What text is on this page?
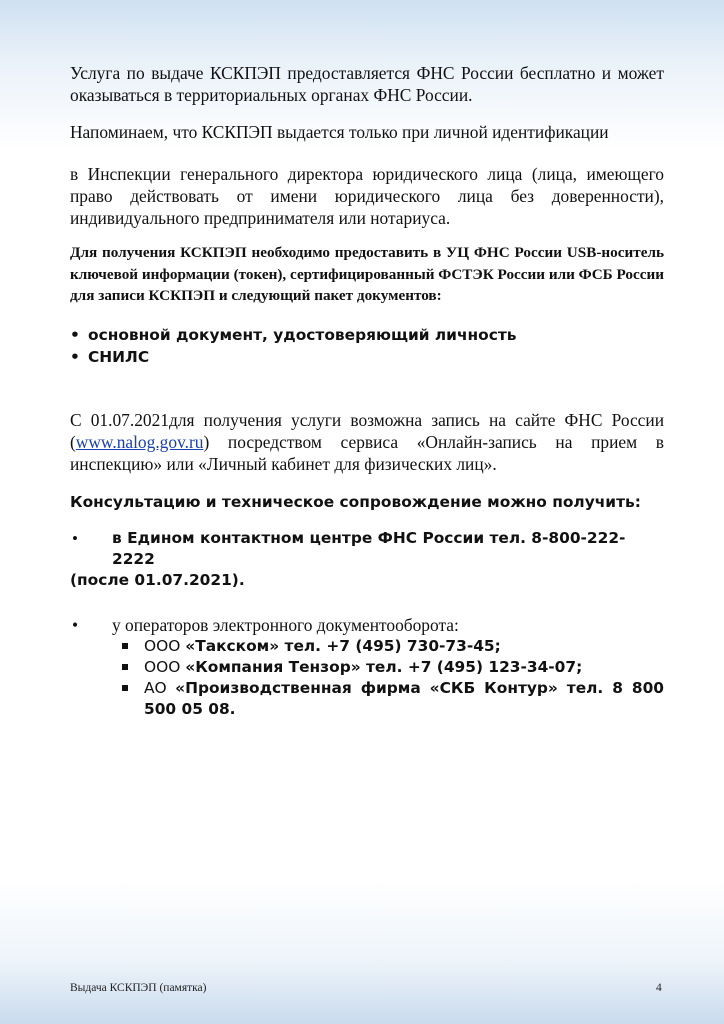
Услуга по выдаче КСКПЭП предоставляется ФНС России бесплатно и может оказываться в территориальных органах ФНС России.

Напоминаем, что КСКПЭП выдается только при личной идентификации

в Инспекции генерального директора юридического лица (лица, имеющего право действовать от имени юридического лица без доверенности), индивидуального предпринимателя или нотариуса.

Для получения КСКПЭП необходимо предоставить в УЦ ФНС России USB-носитель ключевой информации (токен), сертифицированный ФСТЭК России или ФСБ России для записи КСКПЭП и следующий пакет документов:

• основной документ, удостоверяющий личность
• СНИЛС

С 01.07.2021для получения услуги возможна запись на сайте ФНС России (www.nalog.gov.ru) посредством сервиса «Онлайн-запись на прием в инспекцию» или «Личный кабинет для физических лиц».

Консультацию и техническое сопровождение можно получить:

• в Едином контактном центре ФНС России тел. 8-800-222-2222
(после 01.07.2021).
• у операторов электронного документооборота:
ООО «Такском» тел. +7 (495) 730-73-45;
ООО «Компания Тензор» тел. +7 (495) 123-34-07;
АО «Производственная фирма «СКБ Контур» тел. 8 800 500 05 08.
Выдача КСКПЭП (памятка)	4
